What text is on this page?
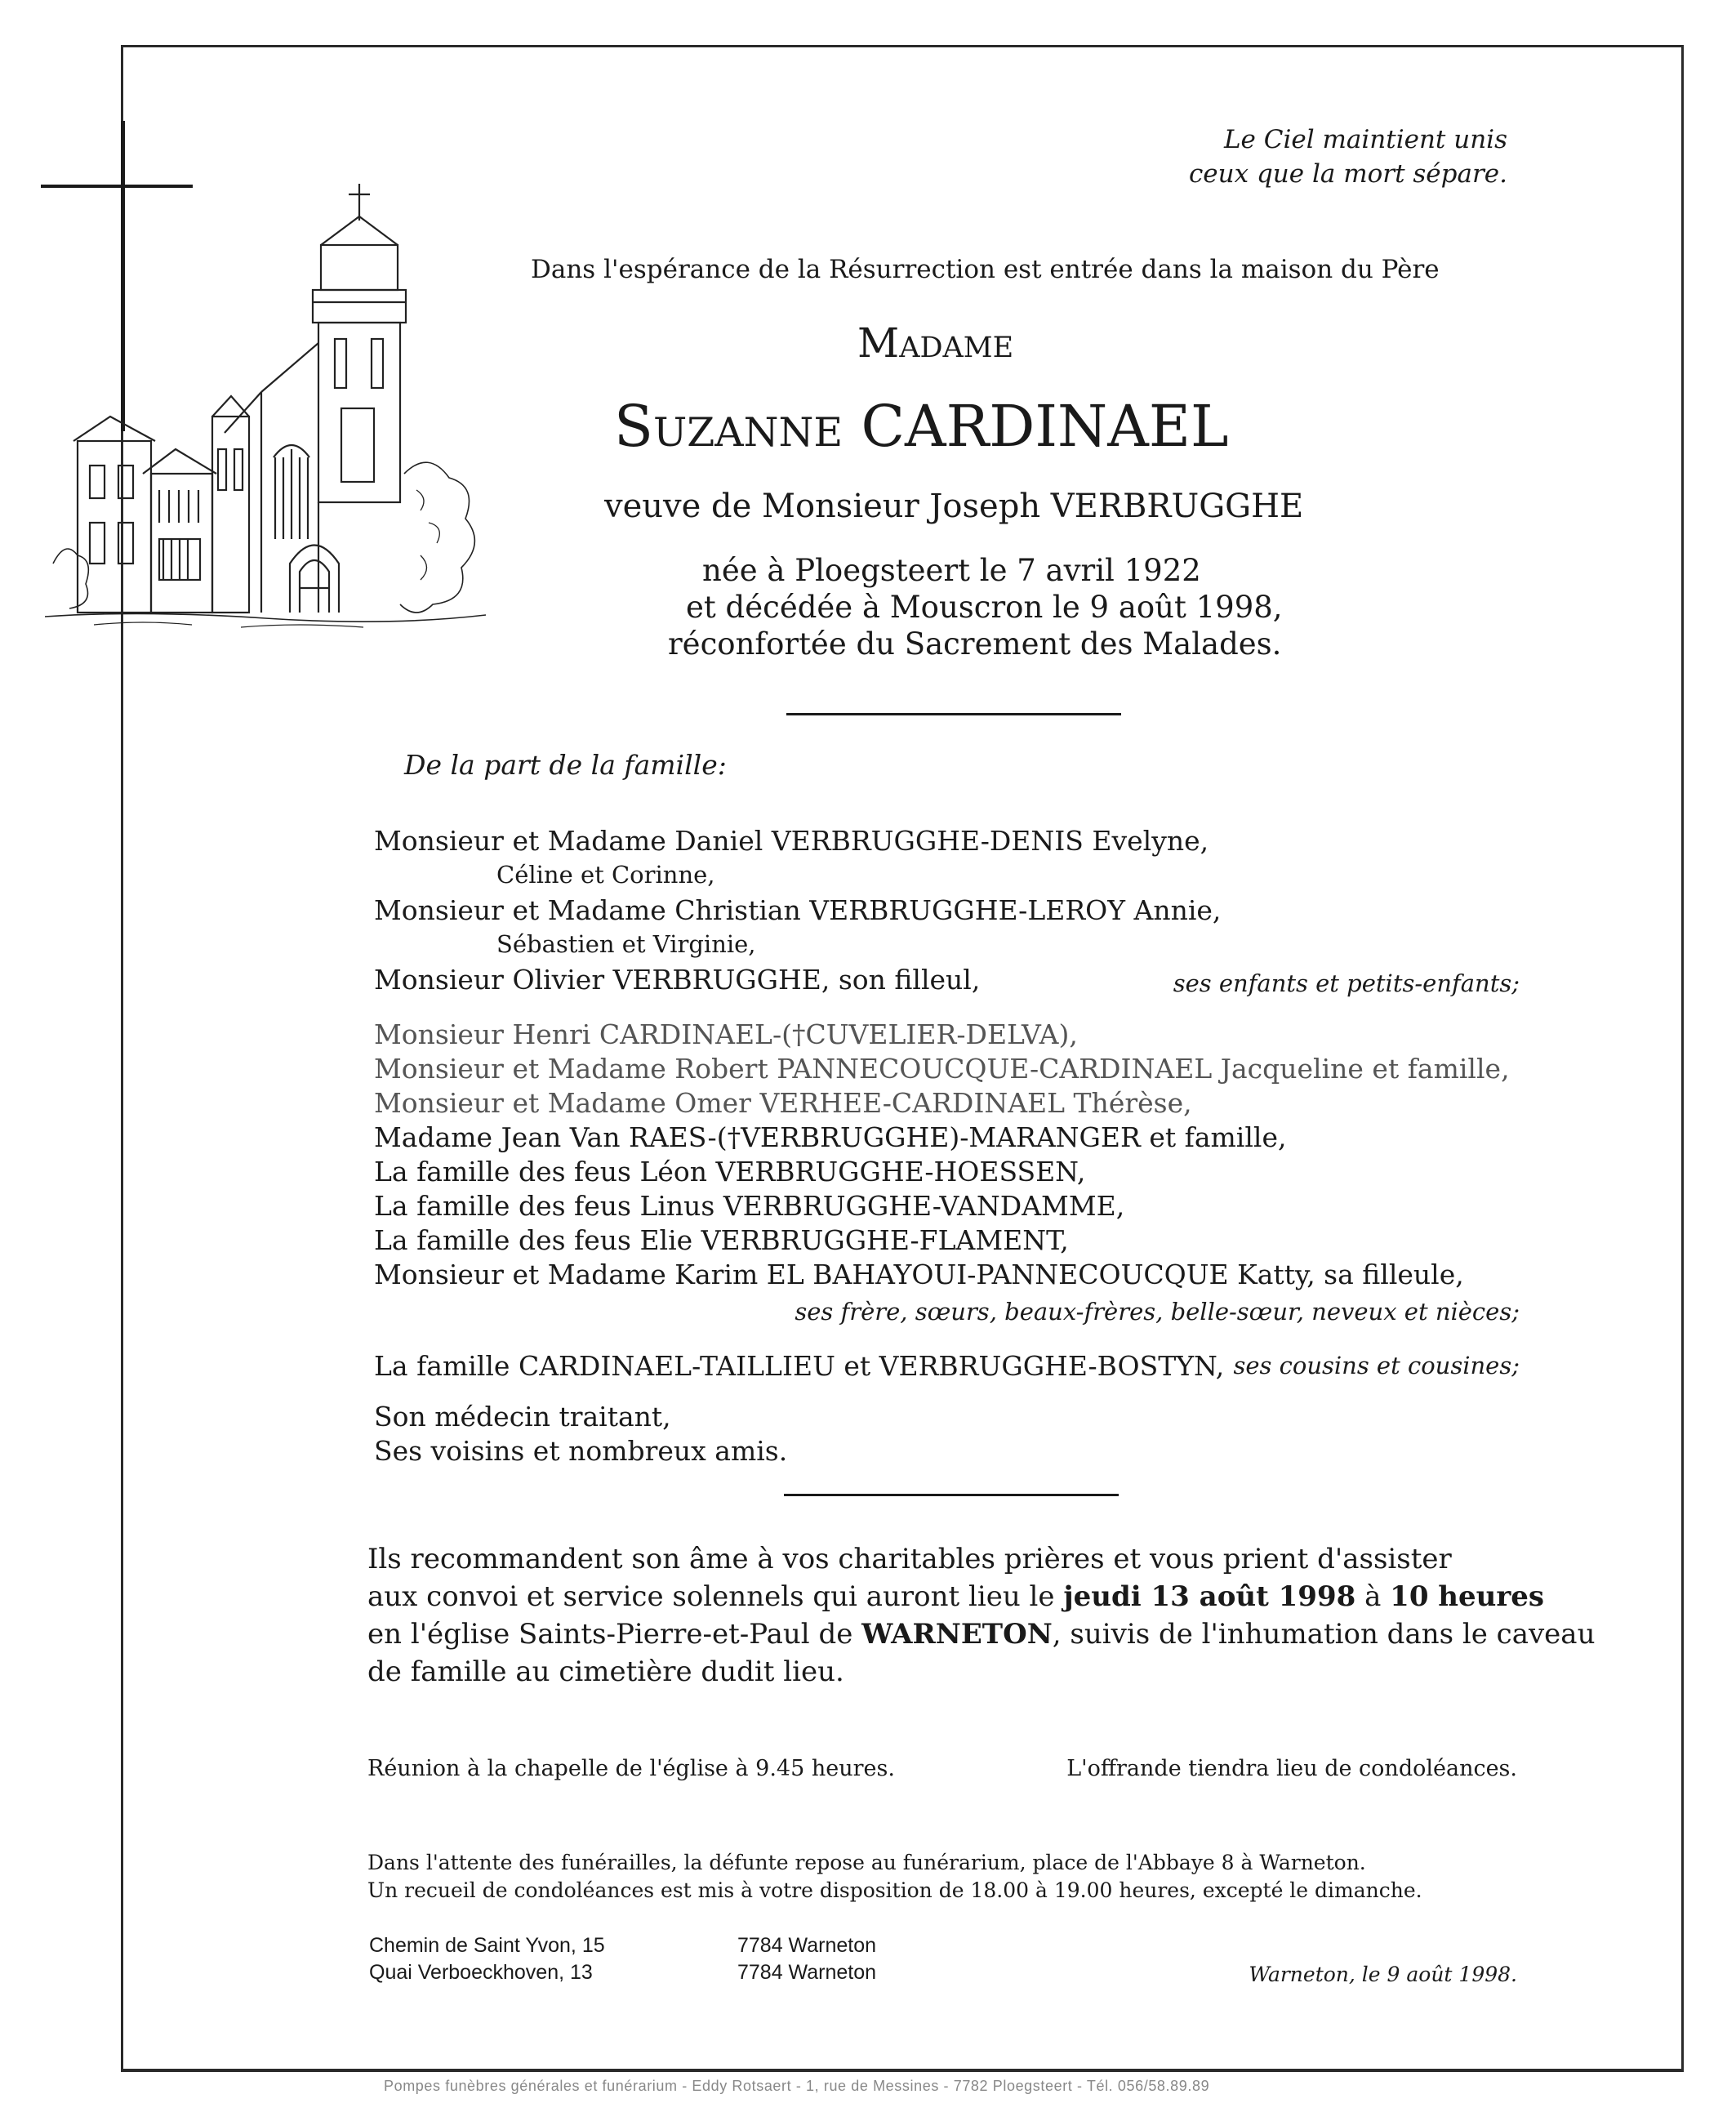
Le Ciel maintient unis
ceux que la mort sépare.
Dans l'espérance de la Résurrection est entrée dans la maison du Père
Madame
Suzanne CARDINAEL
veuve de Monsieur Joseph VERBRUGGHE
née à Ploegsteert le 7 avril 1922
et décédée à Mouscron le 9 août 1998,
réconfortée du Sacrement des Malades.
De la part de la famille:
Monsieur et Madame Daniel VERBRUGGHE-DENIS Evelyne,
Céline et Corinne,
Monsieur et Madame Christian VERBRUGGHE-LEROY Annie,
Sébastien et Virginie,
Monsieur Olivier VERBRUGGHE, son filleul,	ses enfants et petits-enfants;
Monsieur Henri CARDINAEL-(†CUVELIER-DELVA),
Monsieur et Madame Robert PANNECOUCQUE-CARDINAEL Jacqueline et famille,
Monsieur et Madame Omer VERHEE-CARDINAEL Thérèse,
Madame Jean Van RAES-(†VERBRUGGHE)-MARANGER et famille,
La famille des feus Léon VERBRUGGHE-HOESSEN,
La famille des feus Linus VERBRUGGHE-VANDAMME,
La famille des feus Elie VERBRUGGHE-FLAMENT,
Monsieur et Madame Karim EL BAHAYOUI-PANNECOUCQUE Katty, sa filleule,
ses frère, sœurs, beaux-frères, belle-sœur, neveux et nièces;
La famille CARDINAEL-TAILLIEU et VERBRUGGHE-BOSTYN, ses cousins et cousines;
Son médecin traitant,
Ses voisins et nombreux amis.
Ils recommandent son âme à vos charitables prières et vous prient d'assister
aux convoi et service solennels qui auront lieu le jeudi 13 août 1998 à 10 heures
en l'église Saints-Pierre-et-Paul de WARNETON, suivis de l'inhumation dans le caveau
de famille au cimetière dudit lieu.
Réunion à la chapelle de l'église à 9.45 heures.	L'offrande tiendra lieu de condoléances.
Dans l'attente des funérailles, la défunte repose au funérarium, place de l'Abbaye 8 à Warneton.
Un recueil de condoléances est mis à votre disposition de 18.00 à 19.00 heures, excepté le dimanche.
Chemin de Saint Yvon, 15	7784 Warneton
Quai Verboeckhoven, 13	7784 Warneton	Warneton, le 9 août 1998.
Pompes funèbres générales et funérarium - Eddy Rotsaert - 1, rue de Messines - 7782 Ploegsteert - Tél. 056/58.89.89
